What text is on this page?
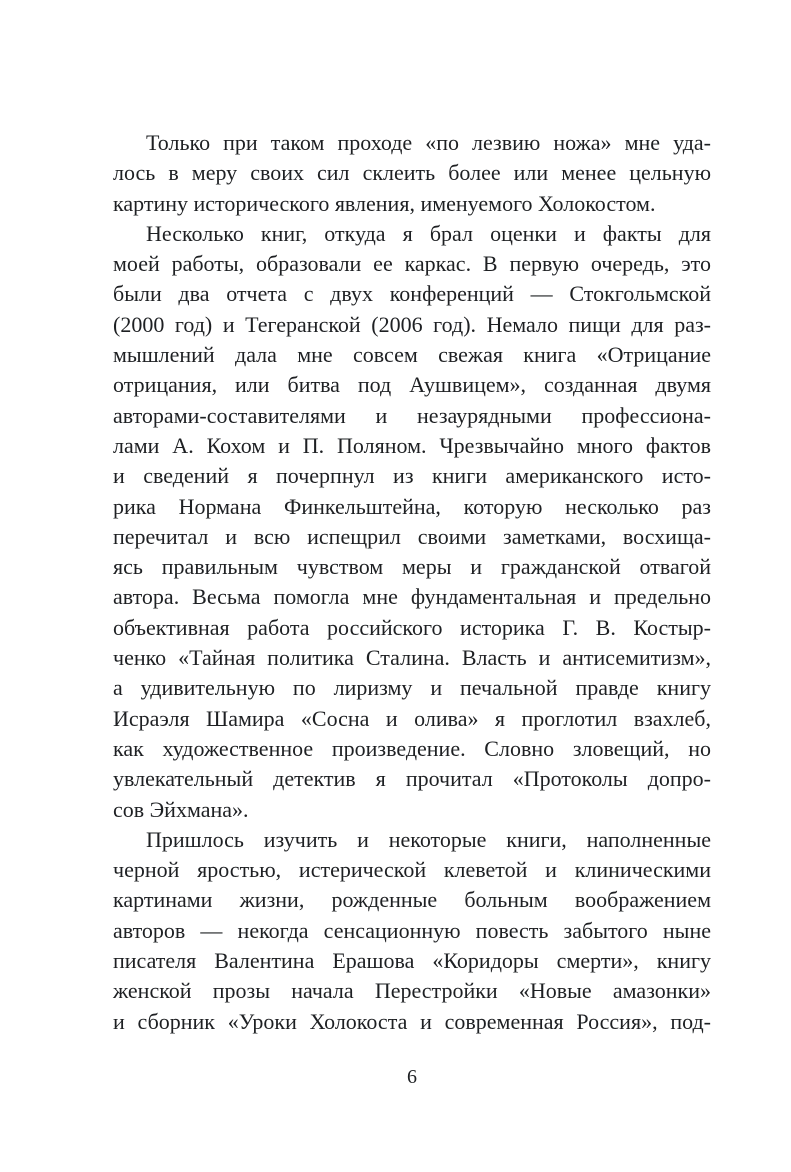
Только при таком проходе «по лезвию ножа» мне уда-
лось в меру своих сил склеить более или менее цельную
картину исторического явления, именуемого Холокостом.
Несколько книг, откуда я брал оценки и факты для
моей работы, образовали ее каркас. В первую очередь, это
были два отчета с двух конференций — Стокгольмской
(2000 год) и Тегеранской (2006 год). Немало пищи для раз-
мышлений дала мне совсем свежая книга «Отрицание
отрицания, или битва под Аушвицем», созданная двумя
авторами-составителями и незаурядными профессиона-
лами А. Кохом и П. Поляном. Чрезвычайно много фактов
и сведений я почерпнул из книги американского исто-
рика Нормана Финкельштейна, которую несколько раз
перечитал и всю испещрил своими заметками, восхища-
ясь правильным чувством меры и гражданской отвагой
автора. Весьма помогла мне фундаментальная и предельно
объективная работа российского историка Г. В. Костыр-
ченко «Тайная политика Сталина. Власть и антисемитизм»,
а удивительную по лиризму и печальной правде книгу
Исраэля Шамира «Сосна и олива» я проглотил взахлеб,
как художественное произведение. Словно зловещий, но
увлекательный детектив я прочитал «Протоколы допро-
сов Эйхмана».
Пришлось изучить и некоторые книги, наполненные
черной яростью, истерической клеветой и клиническими
картинами жизни, рожденные больным воображением
авторов — некогда сенсационную повесть забытого ныне
писателя Валентина Ерашова «Коридоры смерти», книгу
женской прозы начала Перестройки «Новые амазонки»
и сборник «Уроки Холокоста и современная Россия», под-
6
